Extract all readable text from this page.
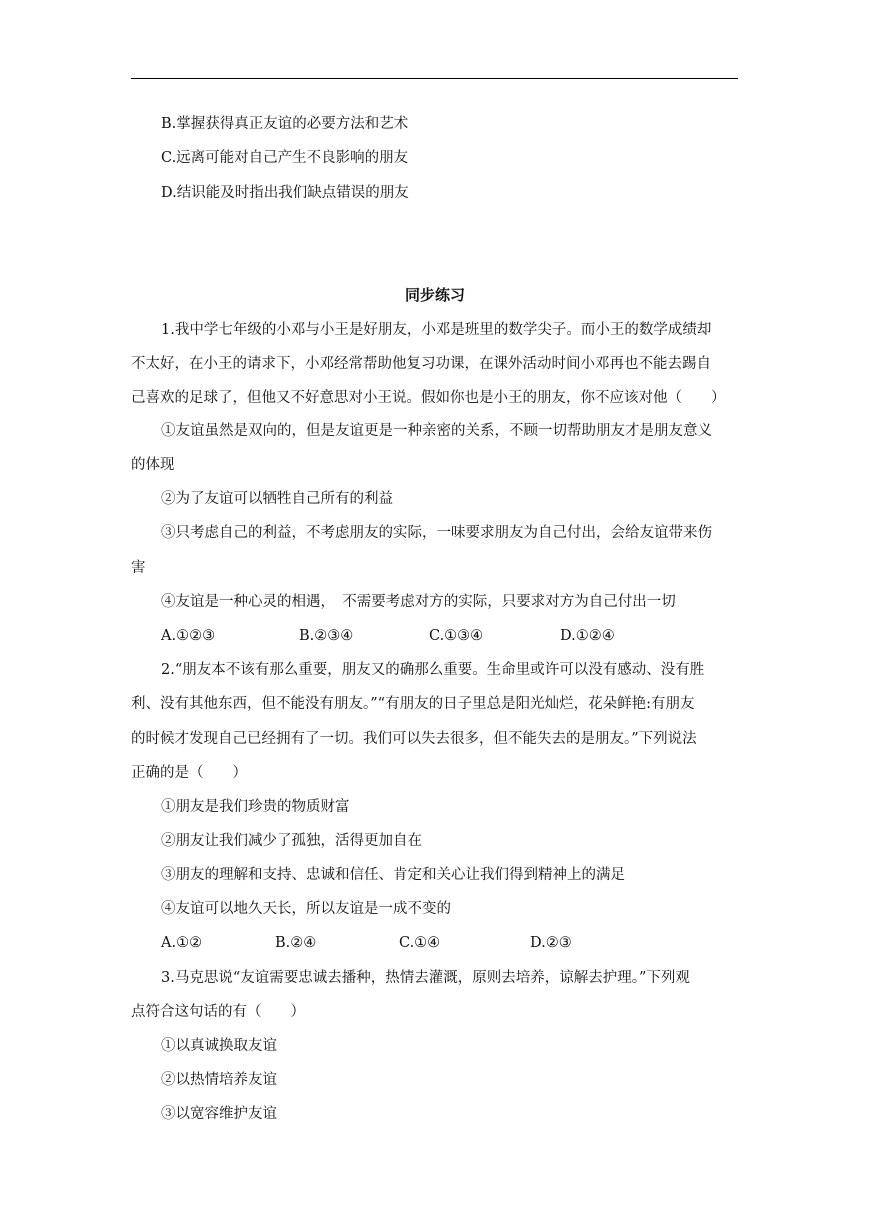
B.掌握获得真正友谊的必要方法和艺术
C.远离可能对自己产生不良影响的朋友
D.结识能及时指出我们缺点错误的朋友
同步练习
1.我中学七年级的小邓与小王是好朋友，小邓是班里的数学尖子。而小王的数学成绩却
不太好，在小王的请求下，小邓经常帮助他复习功课，在课外活动时间小邓再也不能去踢自
己喜欢的足球了，但他又不好意思对小王说。假如你也是小王的朋友，你不应该对他（　　）
①友谊虽然是双向的，但是友谊更是一种亲密的关系，不顾一切帮助朋友才是朋友意义
的体现
②为了友谊可以牺牲自己所有的利益
③只考虑自己的利益，不考虑朋友的实际，一味要求朋友为自己付出，会给友谊带来伤
害
④友谊是一种心灵的相遇，　不需要考虑对方的实际，只要求对方为自己付出一切
A.①②③	B.②③④	C.①③④	D.①②④
2.“朋友本不该有那么重要，朋友又的确那么重要。生命里或许可以没有感动、没有胜
利、没有其他东西，但不能没有朋友。”“有朋友的日子里总是阳光灿烂，花朵鲜艳:有朋友
的时候才发现自己已经拥有了一切。我们可以失去很多，但不能失去的是朋友。”下列说法
正确的是（　　）
①朋友是我们珍贵的物质财富
②朋友让我们减少了孤独，活得更加自在
③朋友的理解和支持、忠诚和信任、肯定和关心让我们得到精神上的满足
④友谊可以地久天长，所以友谊是一成不变的
A.①②	B.②④	C.①④	D.②③
3.马克思说“友谊需要忠诚去播种，热情去灌溉，原则去培养，谅解去护理。”下列观
点符合这句话的有（　　）
①以真诚换取友谊
②以热情培养友谊
③以宽容维护友谊
